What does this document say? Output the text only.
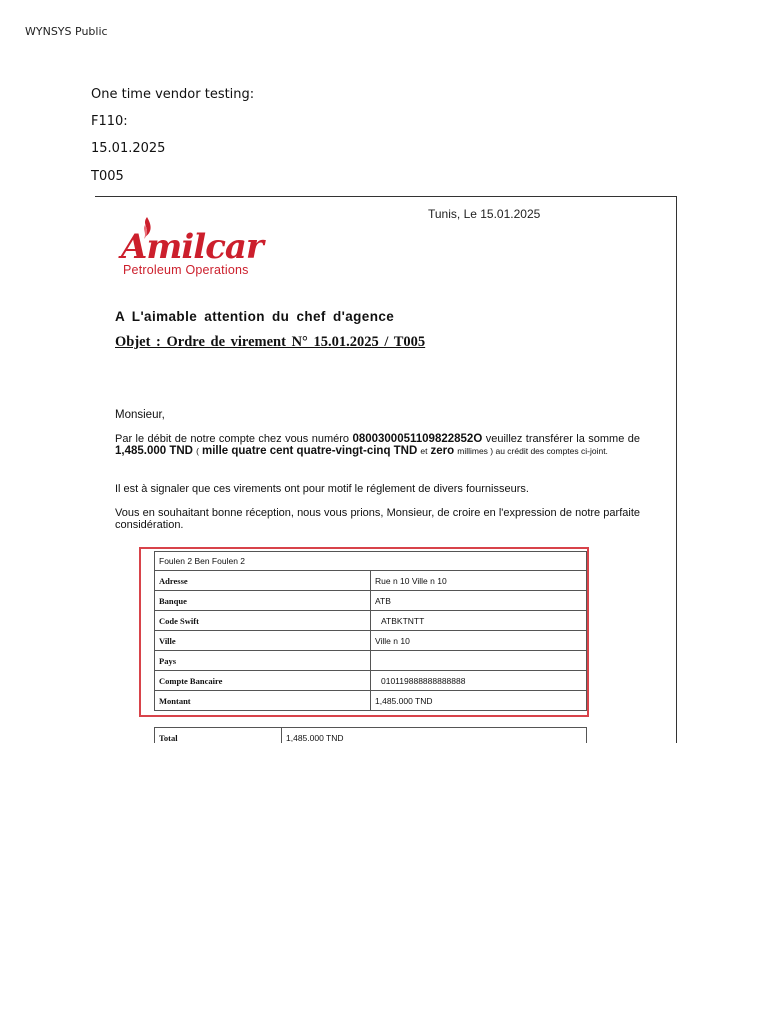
WYNSYS Public
One time vendor testing:
F110:
15.01.2025
T005
Tunis, Le 15.01.2025
Amilcar
Petroleum Operations
A L'aimable attention du chef d'agence
Objet : Ordre de virement N° 15.01.2025 / T005
Monsieur,
Par le débit de notre compte chez vous numéro 0800300051109822852O veuillez transférer la somme de 1,485.000 TND ( mille quatre cent quatre-vingt-cinq TND et zero millimes ) au crédit des comptes ci-joint.
Il est à signaler que ces virements ont pour motif le réglement de divers fournisseurs.
Vous en souhaitant bonne réception, nous vous prions, Monsieur, de croire en l'expression de notre parfaite considération.
Foulen 2 Ben Foulen 2	
Adresse	Rue n 10 Ville n 10
Banque	ATB
Code Swift	ATBKTNTT
Ville	Ville n 10
Pays	
Compte Bancaire	010119888888888888
Montant	1,485.000 TND
Total	1,485.000 TND
